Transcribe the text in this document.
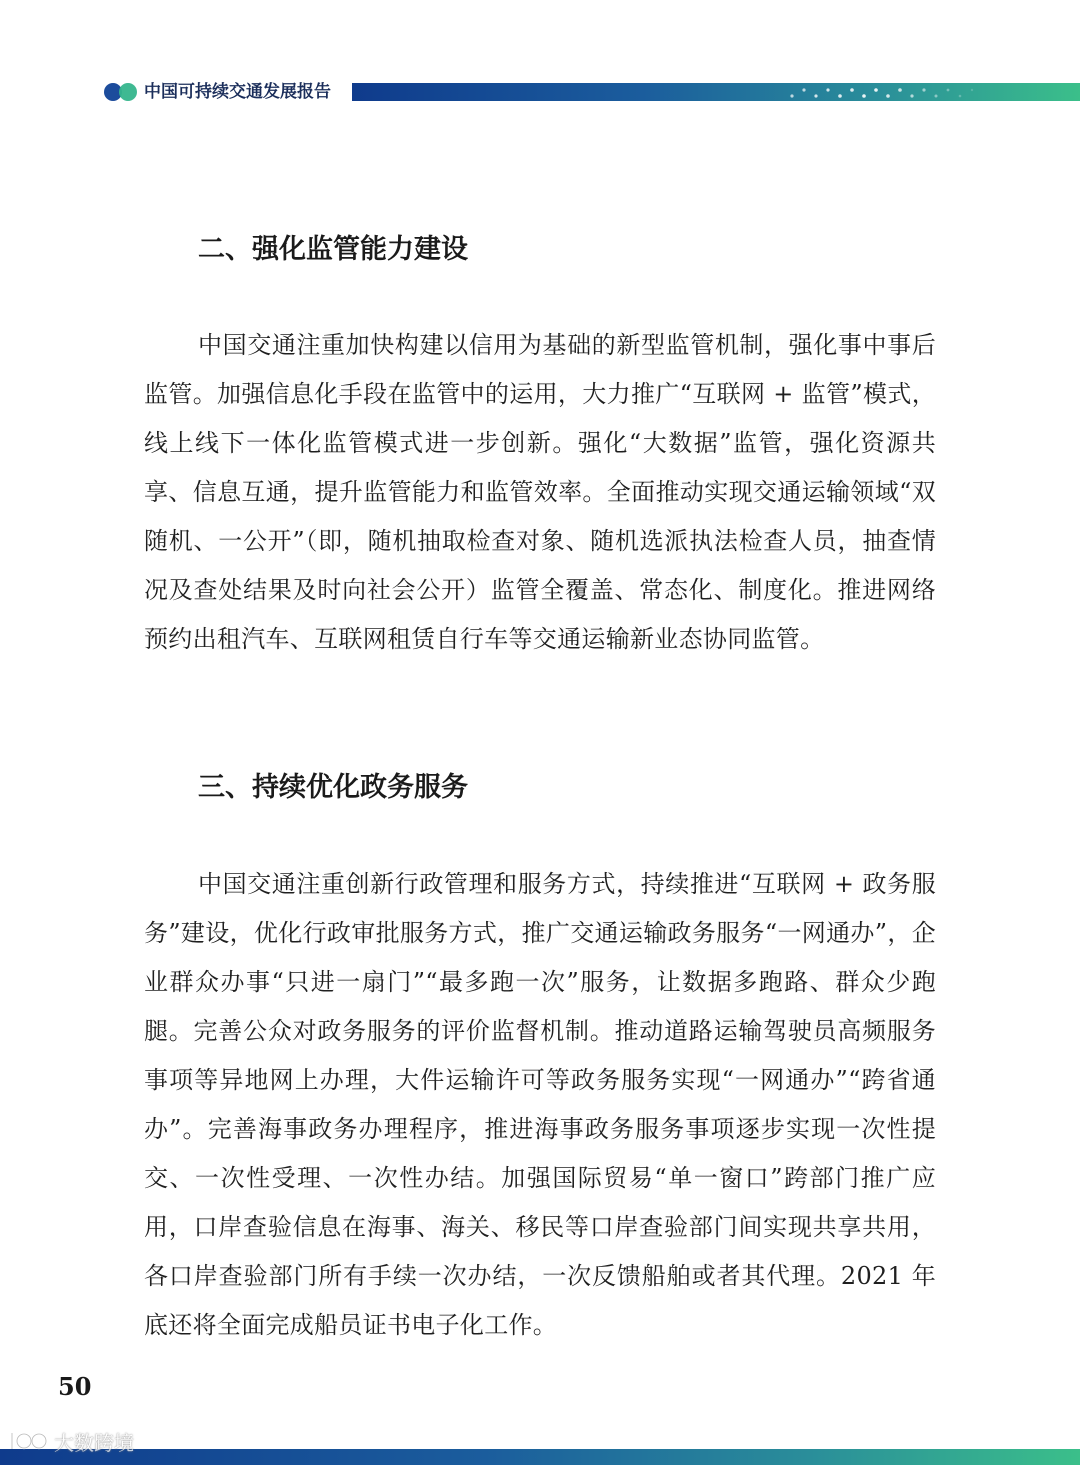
中国可持续交通发展报告
二、强化监管能力建设

中国交通注重加快构建以信用为基础的新型监管机制，强化事中事后监管。加强信息化手段在监管中的运用，大力推广“互联网 + 监管”模式，线上线下一体化监管模式进一步创新。强化“大数据”监管，强化资源共享、信息互通，提升监管能力和监管效率。全面推动实现交通运输领域“双随机、一公开”（即，随机抽取检查对象、随机选派执法检查人员，抽查情况及查处结果及时向社会公开）监管全覆盖、常态化、制度化。推进网络预约出租汽车、互联网租赁自行车等交通运输新业态协同监管。

三、持续优化政务服务

中国交通注重创新行政管理和服务方式，持续推进“互联网 + 政务服务”建设，优化行政审批服务方式，推广交通运输政务服务“一网通办”，企业群众办事“只进一扇门”“最多跑一次”服务，让数据多跑路、群众少跑腿。完善公众对政务服务的评价监督机制。推动道路运输驾驶员高频服务事项等异地网上办理，大件运输许可等政务服务实现“一网通办”“跨省通办”。完善海事政务办理程序，推进海事政务服务事项逐步实现一次性提交、一次性受理、一次性办结。加强国际贸易“单一窗口”跨部门推广应用，口岸查验信息在海事、海关、移民等口岸查验部门间实现共享共用，各口岸查验部门所有手续一次办结，一次反馈船舶或者其代理。2021 年底还将全面完成船员证书电子化工作。

50
大数跨境
